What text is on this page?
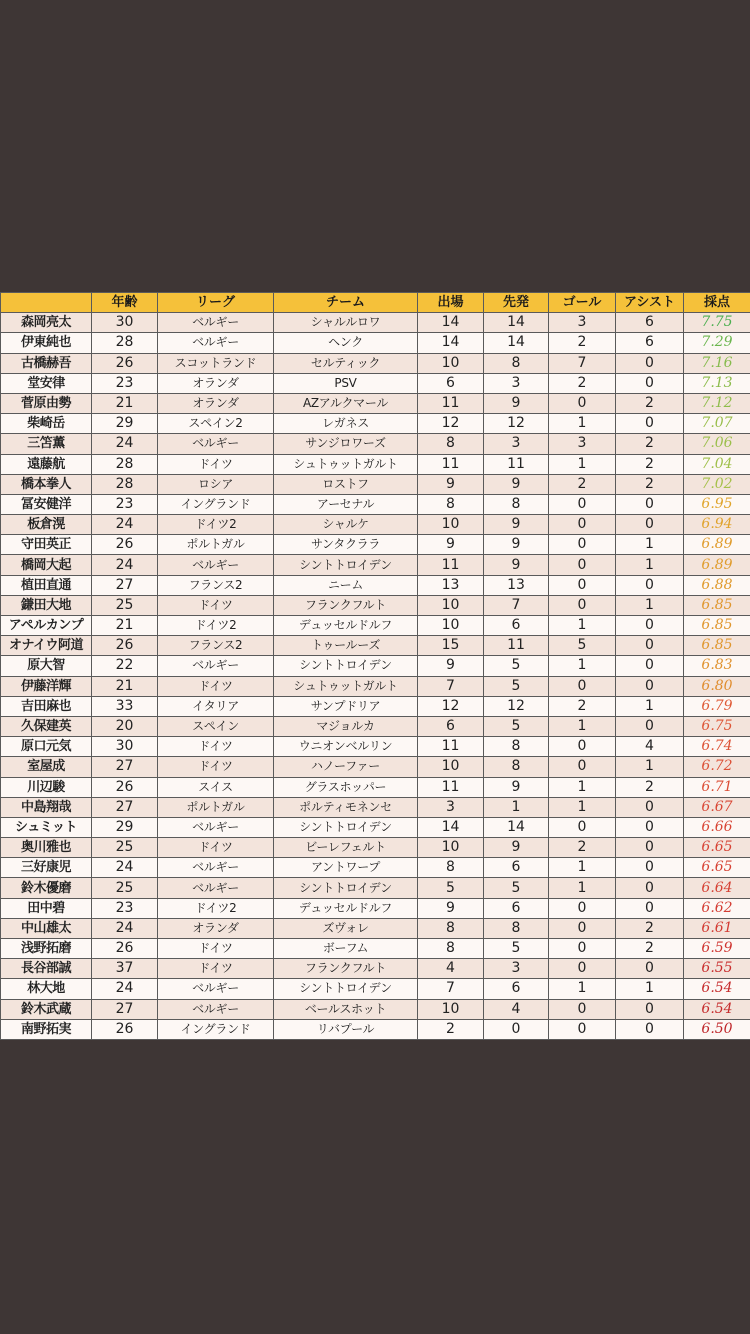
	年齢	リーグ	チーム	出場	先発	ゴール	アシスト	採点
森岡亮太	30	ベルギー	シャルルロワ	14	14	3	6	7.75
伊東純也	28	ベルギー	ヘンク	14	14	2	6	7.29
古橋赫吾	26	スコットランド	セルティック	10	8	7	0	7.16
堂安律	23	オランダ	PSV	6	3	2	0	7.13
菅原由勢	21	オランダ	AZアルクマール	11	9	0	2	7.12
柴崎岳	29	スペイン2	レガネス	12	12	1	0	7.07
三笘薫	24	ベルギー	サンジロワーズ	8	3	3	2	7.06
遠藤航	28	ドイツ	シュトゥットガルト	11	11	1	2	7.04
橋本拳人	28	ロシア	ロストフ	9	9	2	2	7.02
冨安健洋	23	イングランド	アーセナル	8	8	0	0	6.95
板倉滉	24	ドイツ2	シャルケ	10	9	0	0	6.94
守田英正	26	ポルトガル	サンタクララ	9	9	0	1	6.89
橋岡大起	24	ベルギー	シントトロイデン	11	9	0	1	6.89
植田直通	27	フランス2	ニーム	13	13	0	0	6.88
鎌田大地	25	ドイツ	フランクフルト	10	7	0	1	6.85
アペルカンプ	21	ドイツ2	デュッセルドルフ	10	6	1	0	6.85
オナイウ阿道	26	フランス2	トゥールーズ	15	11	5	0	6.85
原大智	22	ベルギー	シントトロイデン	9	5	1	0	6.83
伊藤洋輝	21	ドイツ	シュトゥットガルト	7	5	0	0	6.80
吉田麻也	33	イタリア	サンプドリア	12	12	2	1	6.79
久保建英	20	スペイン	マジョルカ	6	5	1	0	6.75
原口元気	30	ドイツ	ウニオンベルリン	11	8	0	4	6.74
室屋成	27	ドイツ	ハノーファー	10	8	0	1	6.72
川辺駿	26	スイス	グラスホッパー	11	9	1	2	6.71
中島翔哉	27	ポルトガル	ポルティモネンセ	3	1	1	0	6.67
シュミット	29	ベルギー	シントトロイデン	14	14	0	0	6.66
奥川雅也	25	ドイツ	ビーレフェルト	10	9	2	0	6.65
三好康児	24	ベルギー	アントワープ	8	6	1	0	6.65
鈴木優磨	25	ベルギー	シントトロイデン	5	5	1	0	6.64
田中碧	23	ドイツ2	デュッセルドルフ	9	6	0	0	6.62
中山雄太	24	オランダ	ズヴォレ	8	8	0	2	6.61
浅野拓磨	26	ドイツ	ボーフム	8	5	0	2	6.59
長谷部誠	37	ドイツ	フランクフルト	4	3	0	0	6.55
林大地	24	ベルギー	シントトロイデン	7	6	1	1	6.54
鈴木武蔵	27	ベルギー	ベールスホット	10	4	0	0	6.54
南野拓実	26	イングランド	リバプール	2	0	0	0	6.50
